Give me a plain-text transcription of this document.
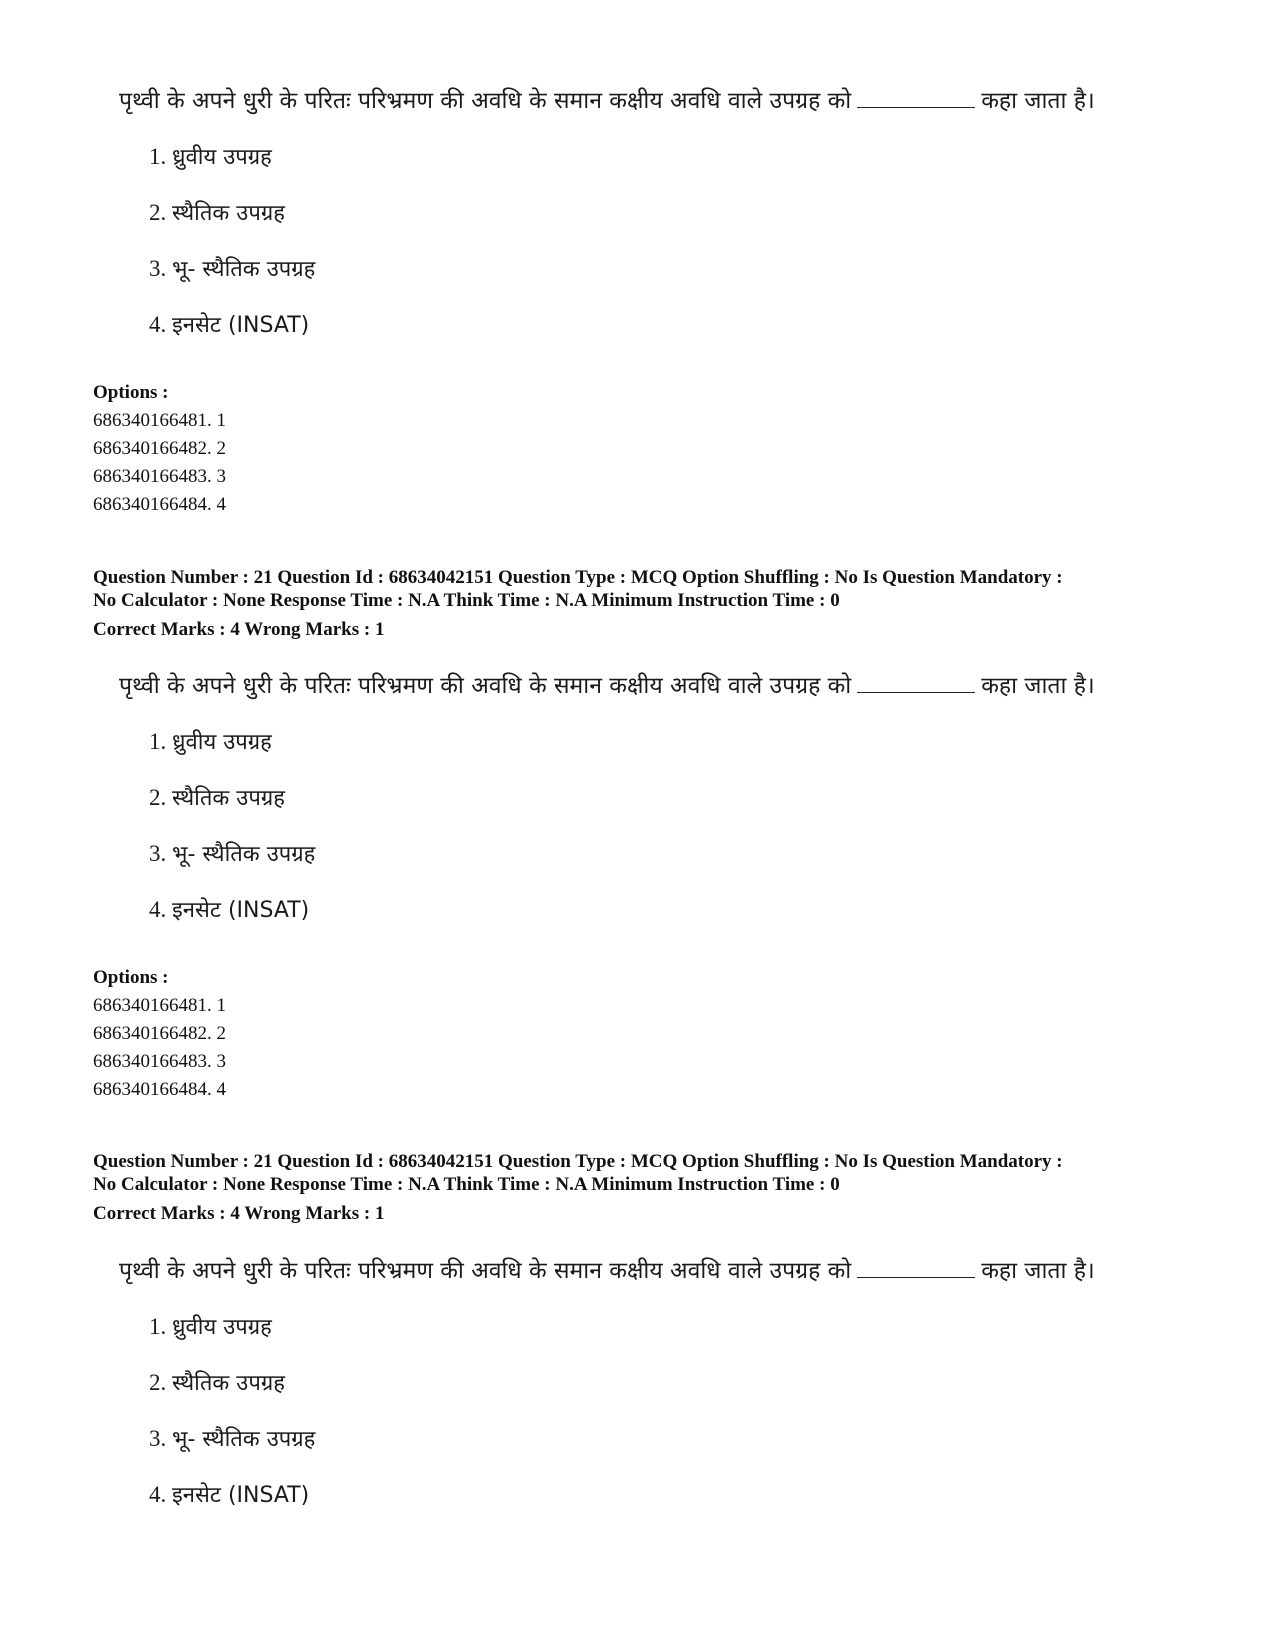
पृथ्वी के अपने धुरी के परितः परिभ्रमण की अवधि के समान कक्षीय अवधि वाले उपग्रह को	कहा जाता है।
1. ध्रुवीय उपग्रह
2. स्थैतिक उपग्रह
3. भू- स्थैतिक उपग्रह
4. इनसेट (INSAT)
Options :
686340166481. 1
686340166482. 2
686340166483. 3
686340166484. 4
Question Number : 21 Question Id : 68634042151 Question Type : MCQ Option Shuffling : No Is Question Mandatory :
No Calculator : None Response Time : N.A Think Time : N.A Minimum Instruction Time : 0
Correct Marks : 4 Wrong Marks : 1
पृथ्वी के अपने धुरी के परितः परिभ्रमण की अवधि के समान कक्षीय अवधि वाले उपग्रह को	कहा जाता है।
1. ध्रुवीय उपग्रह
2. स्थैतिक उपग्रह
3. भू- स्थैतिक उपग्रह
4. इनसेट (INSAT)
Options :
686340166481. 1
686340166482. 2
686340166483. 3
686340166484. 4
Question Number : 21 Question Id : 68634042151 Question Type : MCQ Option Shuffling : No Is Question Mandatory :
No Calculator : None Response Time : N.A Think Time : N.A Minimum Instruction Time : 0
Correct Marks : 4 Wrong Marks : 1
पृथ्वी के अपने धुरी के परितः परिभ्रमण की अवधि के समान कक्षीय अवधि वाले उपग्रह को	कहा जाता है।
1. ध्रुवीय उपग्रह
2. स्थैतिक उपग्रह
3. भू- स्थैतिक उपग्रह
4. इनसेट (INSAT)
